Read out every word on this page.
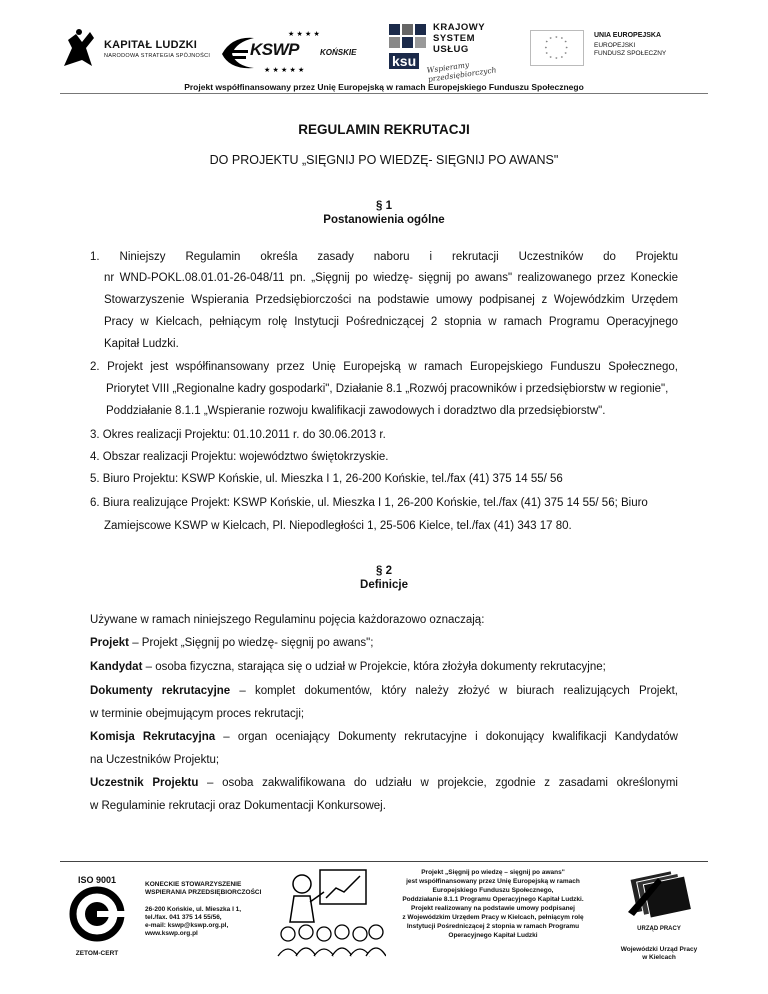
KAPITAŁ LUDZKI
NARODOWA STRATEGIA SPÓJNOŚCI
★ ★ ★ ★
★ ★ ★ ★ ★
KSWP	KOŃSKIE
KRAJOWY
SYSTEM
USŁUG
ksu	Wspieramy przedsiębiorczych
* *
*
*
*
*
*
*
*
*
*
*
UNIA EUROPEJSKA
EUROPEJSKI
FUNDUSZ SPOŁECZNY
Projekt współfinansowany przez Unię Europejską w ramach Europejskiego Funduszu Społecznego
REGULAMIN REKRUTACJI
DO PROJEKTU „SIĘGNIJ PO WIEDZĘ- SIĘGNIJ PO AWANS"
§ 1
Postanowienia ogólne
1. Niniejszy Regulamin określa zasady naboru i rekrutacji Uczestników do Projektu
nr WND-POKL.08.01.01-26-048/11 pn. „Sięgnij po wiedzę- sięgnij po awans" realizowanego przez Koneckie
Stowarzyszenie Wspierania Przedsiębiorczości na podstawie umowy podpisanej z Wojewódzkim Urzędem
Pracy w Kielcach, pełniącym rolę Instytucji Pośredniczącej 2 stopnia w ramach Programu Operacyjnego
Kapitał Ludzki.
2. Projekt jest współfinansowany przez Unię Europejską w ramach Europejskiego Funduszu Społecznego,
Priorytet VIII „Regionalne kadry gospodarki", Działanie 8.1 „Rozwój pracowników i przedsiębiorstw w regionie",
Poddziałanie 8.1.1 „Wspieranie rozwoju kwalifikacji zawodowych i doradztwo dla przedsiębiorstw".
3. Okres realizacji Projektu: 01.10.2011 r. do 30.06.2013 r.
4. Obszar realizacji Projektu: województwo świętokrzyskie.
5. Biuro Projektu: KSWP Końskie, ul. Mieszka I 1, 26-200 Końskie, tel./fax (41) 375 14 55/ 56
6. Biura realizujące Projekt: KSWP Końskie, ul. Mieszka I 1, 26-200 Końskie, tel./fax (41) 375 14 55/ 56; Biuro
Zamiejscowe KSWP w Kielcach, Pl. Niepodległości 1, 25-506 Kielce, tel./fax (41) 343 17 80.
§ 2
Definicje
Używane w ramach niniejszego Regulaminu pojęcia każdorazowo oznaczają:
Projekt – Projekt „Sięgnij po wiedzę- sięgnij po awans";
Kandydat – osoba fizyczna, starająca się o udział w Projekcie, która złożyła dokumenty rekrutacyjne;
Dokumenty rekrutacyjne – komplet dokumentów, który należy złożyć w biurach realizujących Projekt,
w terminie obejmującym proces rekrutacji;
Komisja Rekrutacyjna – organ oceniający Dokumenty rekrutacyjne i dokonujący kwalifikacji Kandydatów
na Uczestników Projektu;
Uczestnik Projektu – osoba zakwalifikowana do udziału w projekcie, zgodnie z zasadami określonymi
w Regulaminie rekrutacji oraz Dokumentacji Konkursowej.
ISO 9001
ZETOM-CERT
KONECKIE STOWARZYSZENIE
WSPIERANIA PRZEDSIĘBIORCZOŚCI
26-200 Końskie, ul. Mieszka I 1,
tel./fax. 041 375 14 55/56,
e-mail: kswp@kswp.org.pl,
www.kswp.org.pl
Projekt „Sięgnij po wiedzę – sięgnij po awans"
jest współfinansowany przez Unię Europejską w ramach
Europejskiego Funduszu Społecznego,
Poddziałanie 8.1.1 Programu Operacyjnego Kapitał Ludzki.
Projekt realizowany na podstawie umowy podpisanej
z Wojewódzkim Urzędem Pracy w Kielcach, pełniącym rolę
Instytucji Pośredniczącej 2 stopnia w ramach Programu
Operacyjnego Kapitał Ludzki
URZĄD PRACY
Wojewódzki Urząd Pracy
w Kielcach
